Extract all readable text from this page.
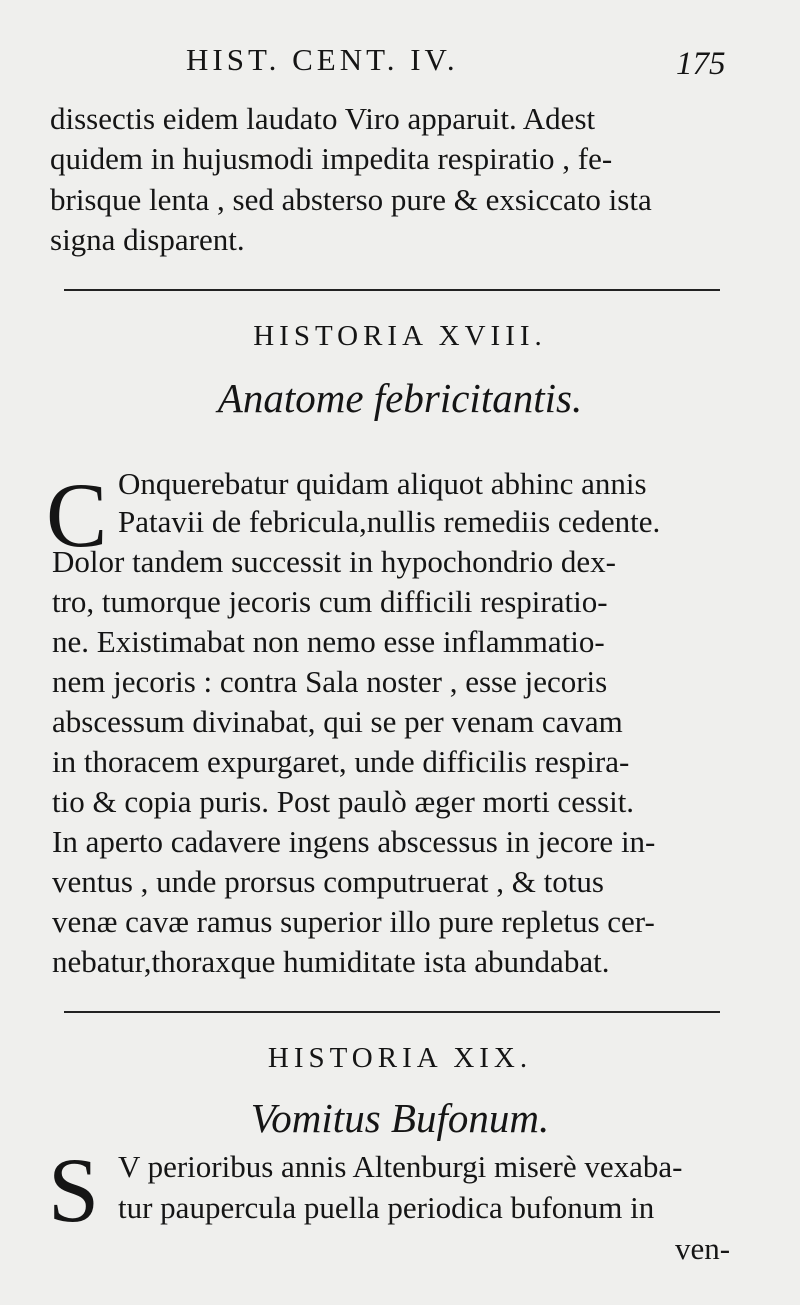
HIST. CENT. IV.	175
dissectis eidem laudato Viro apparuit. Adest
quidem in hujusmodi impedita respiratio , fe-
brisque lenta , sed absterso pure & exsiccato ista
signa disparent.
HISTORIA XVIII.
Anatome febricitantis.
C Onquerebatur quidam aliquot abhinc annis
Patavii de febricula,nullis remediis cedente.
Dolor tandem successit in hypochondrio dex-
tro, tumorque jecoris cum difficili respiratio-
ne. Existimabat non nemo esse inflammatio-
nem jecoris : contra Sala noster , esse jecoris
abscessum divinabat, qui se per venam cavam
in thoracem expurgaret, unde difficilis respira-
tio & copia puris. Post paulò æger morti cessit.
In aperto cadavere ingens abscessus in jecore in-
ventus , unde prorsus computruerat , & totus
venæ cavæ ramus superior illo pure repletus cer-
nebatur,thoraxque humiditate ista abundabat.
HISTORIA XIX.
Vomitus Bufonum.
S V perioribus annis Altenburgi miserè vexaba-
tur paupercula puella periodica bufonum in
ven-
